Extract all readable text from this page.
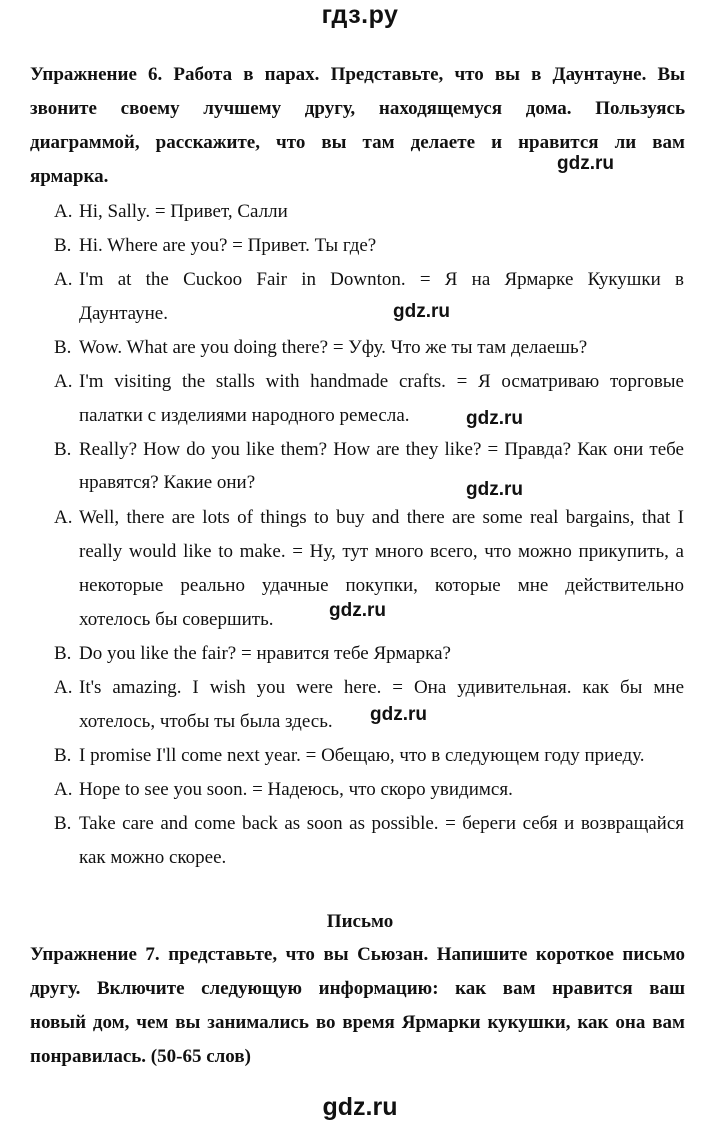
гдз.ру
Упражнение 6. Работа в парах. Представьте, что вы в Даунтауне. Вы
звоните своему лучшему другу, находящемуся дома. Пользуясь
диаграммой, расскажите, что вы там делаете и нравится ли вам
ярмарка.
gdz.ru
A. Hi, Sally. = Привет, Салли
B. Hi. Where are you? = Привет. Ты где?
A. I'm at the Cuckoo Fair in Downton. = Я на Ярмарке Кукушки в
Даунтауне.	gdz.ru
B. Wow. What are you doing there? = Уфу. Что же ты там делаешь?
A. I'm visiting the stalls with handmade crafts. = Я осматриваю торговые
палатки с изделиями народного ремесла.	gdz.ru
B. Really? How do you like them? How are they like? = Правда? Как они тебе
нравятся? Какие они?	gdz.ru
A. Well, there are lots of things to buy and there are some real bargains, that I
really would like to make. = Ну, тут много всего, что можно прикупить, а
некоторые реально удачные покупки, которые мне действительно
хотелось бы совершить.	gdz.ru
B. Do you like the fair? = нравится тебе Ярмарка?
A. It's amazing. I wish you were here. = Она удивительная. как бы мне
хотелось, чтобы ты была здесь. gdz.ru
B. I promise I'll come next year. = Обещаю, что в следующем году приеду.
A. Hope to see you soon. = Надеюсь, что скоро увидимся.
B. Take care and come back as soon as possible. = береги себя и возвращайся
как можно скорее.
Письмо
Упражнение 7. представьте, что вы Сьюзан. Напишите короткое письмо
другу. Включите следующую информацию: как вам нравится ваш
новый дом, чем вы занимались во время Ярмарки кукушки, как она вам
понравилась. (50-65 слов)
gdz.ru
